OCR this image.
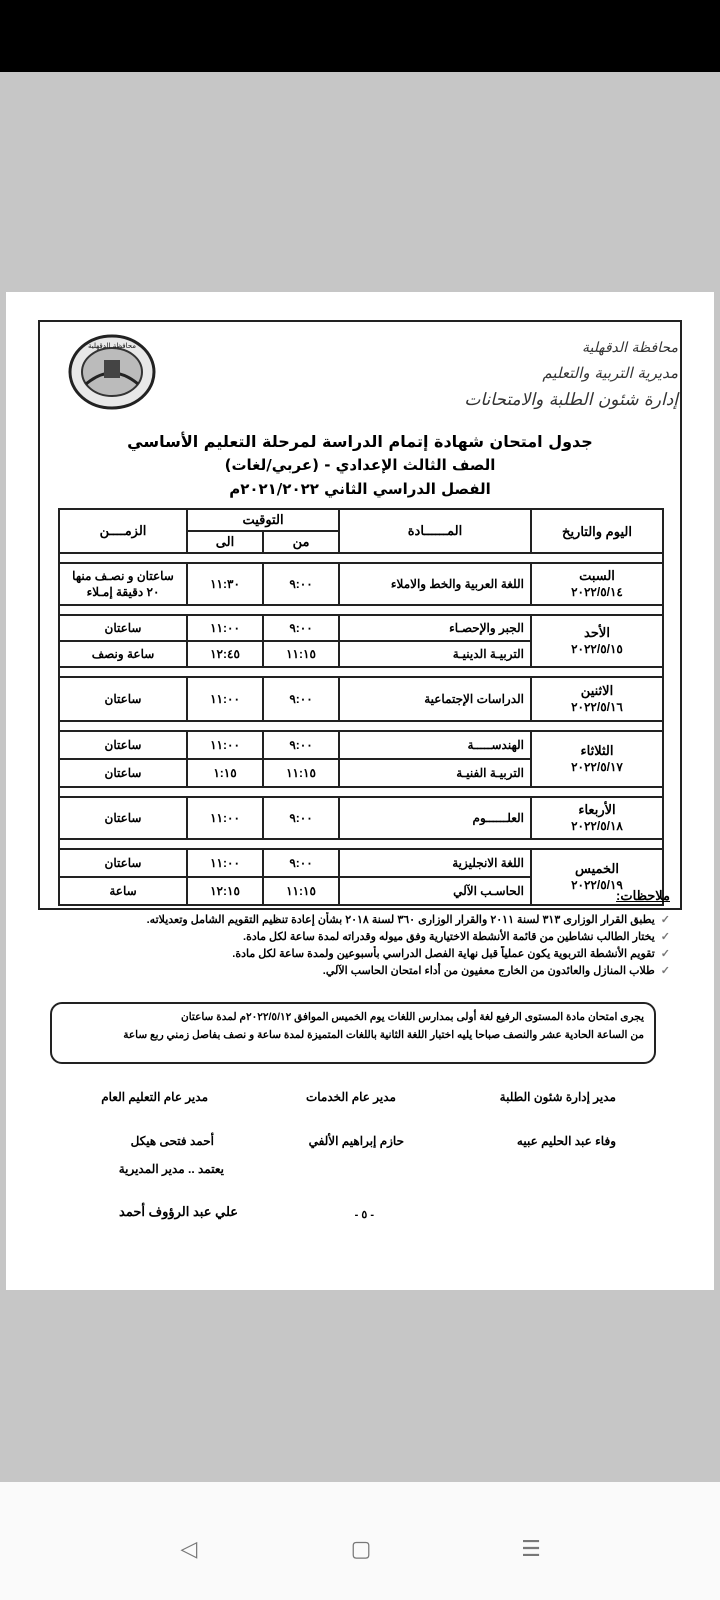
محافظة الدقهلية	محافظة الدقهلية
مديرية التربية والتعليم
إدارة شئون الطلبة والامتحانات
جدول امتحان شهادة إتمام الدراسة لمرحلة التعليم الأساسي
الصف الثالث الإعدادي - (عربي/لغات)
الفصل الدراسي الثاني ٢٠٢١/٢٠٢٢م
اليوم والتاريخ	المــــــادة	التوقيت		الزمــــن
		من	الى	

السبت
٢٠٢٢/٥/١٤	اللغة العربية والخط والاملاء	٩:٠٠	١١:٣٠	ساعتان و نصـف منها ٢٠ دقيقة إمـلاء

الأحد
٢٠٢٢/٥/١٥	الجبر والإحصـاء	٩:٠٠	١١:٠٠	ساعتان
	التربيـة الدينيـة	١١:١٥	١٢:٤٥	ساعة ونصف

الاثنين
٢٠٢٢/٥/١٦	الدراسات الإجتماعية	٩:٠٠	١١:٠٠	ساعتان

الثلاثاء
٢٠٢٢/٥/١٧	الهندســـــة	٩:٠٠	١١:٠٠	ساعتان
	التربيـة الفنيـة	١١:١٥	١:١٥	ساعتان

الأربعاء
٢٠٢٢/٥/١٨	العلــــــوم	٩:٠٠	١١:٠٠	ساعتان

الخميس
٢٠٢٢/٥/١٩	اللغة الانجليزية	٩:٠٠	١١:٠٠	ساعتان
	الحاسـب الآلي	١١:١٥	١٢:١٥	ساعة	ملاحظات:
✓يطبق القرار الوزارى ٣١٣ لسنة ٢٠١١ والقرار الوزارى ٣٦٠ لسنة ٢٠١٨ بشأن إعادة تنظيم التقويم الشامل وتعديلاته.
✓يختار الطالب نشاطين من قائمة الأنشطة الاختيارية وفق ميوله وقدراته لمدة ساعة لكل مادة.
✓تقويم الأنشطة التربوية يكون عملياً قبل نهاية الفصل الدراسي بأسبوعين ولمدة ساعة لكل مادة.
✓طلاب المنازل والعائدون من الخارج معفيون من أداء امتحان الحاسب الآلي.
يجرى امتحان مادة المستوى الرفيع لغة أولى بمدارس اللغات يوم الخميس الموافق ٢٠٢٢/٥/١٢م لمدة ساعتان
من الساعة الحادية عشر والنصف صباحا يليه اختبار اللغة الثانية باللغات المتميزة لمدة ساعة و نصف بفاصل زمني ربع ساعة
مدير إدارة شئون الطلبة
مدير عام الخدمات
مدير عام التعليم العام
وفاء عبد الحليم عبيه
حازم إبراهيم الألفي
أحمد فتحى هيكل
يعتمد .. مدير المديرية
علي عبد الرؤوف أحمد	- ٥ -
◁	▢	☰
